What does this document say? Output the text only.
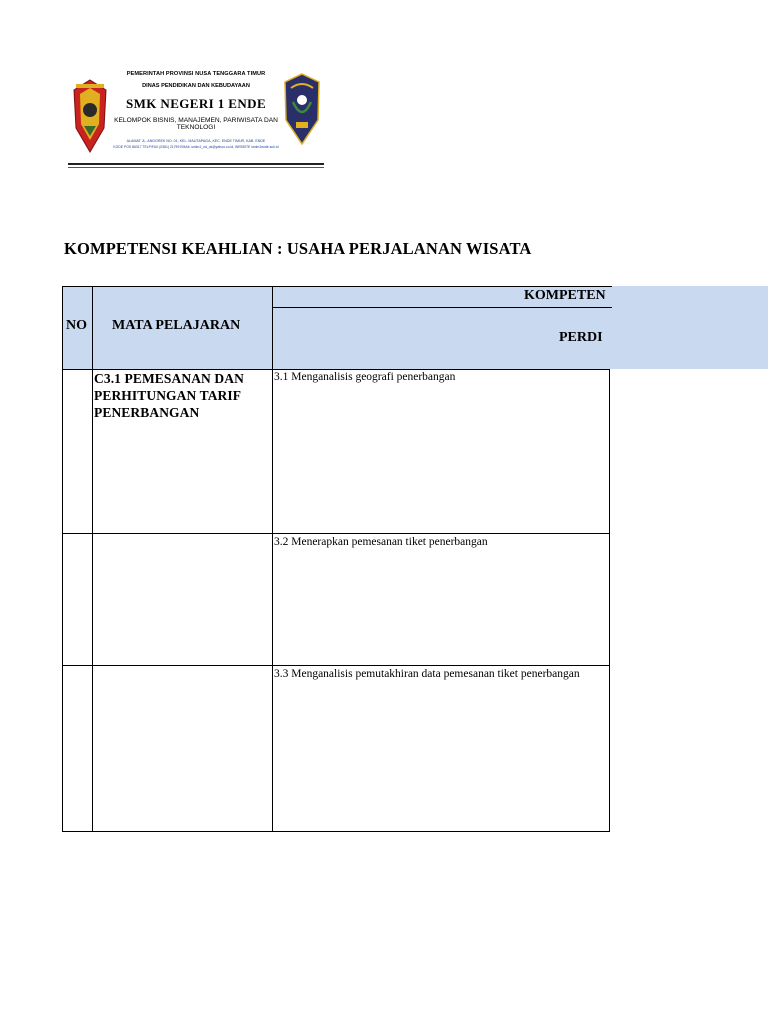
PEMERINTAH PROVINSI NUSA TENGGARA TIMUR
DINAS PENDIDIKAN DAN KEBUDAYAAN
SMK NEGERI 1 ENDE
KELOMPOK BISNIS, MANAJEMEN, PARIWISATA DAN TEKNOLOGI
ALAMAT JL. ANGGREK NO. 01, KEL. MAUTAPAGA, KEC. ENDE TIMUR, KAB. ENDE
KODE POS 86317 TELP/FAX (0381) 21759 EMAIL smkn1_nd_ok@yahoo.co.id, WEBSITE smkn1ende.sch.id
KOMPETENSI KEAHLIAN : USAHA PERJALANAN WISATA
NO MATA PELAJARAN
KOMPETEN
PERDI
C3.1 PEMESANAN DAN PERHITUNGAN TARIF PENERBANGAN
3.1 Menganalisis geografi penerbangan
3.2 Menerapkan pemesanan tiket penerbangan
3.3 Menganalisis pemutakhiran data pemesanan tiket penerbangan
